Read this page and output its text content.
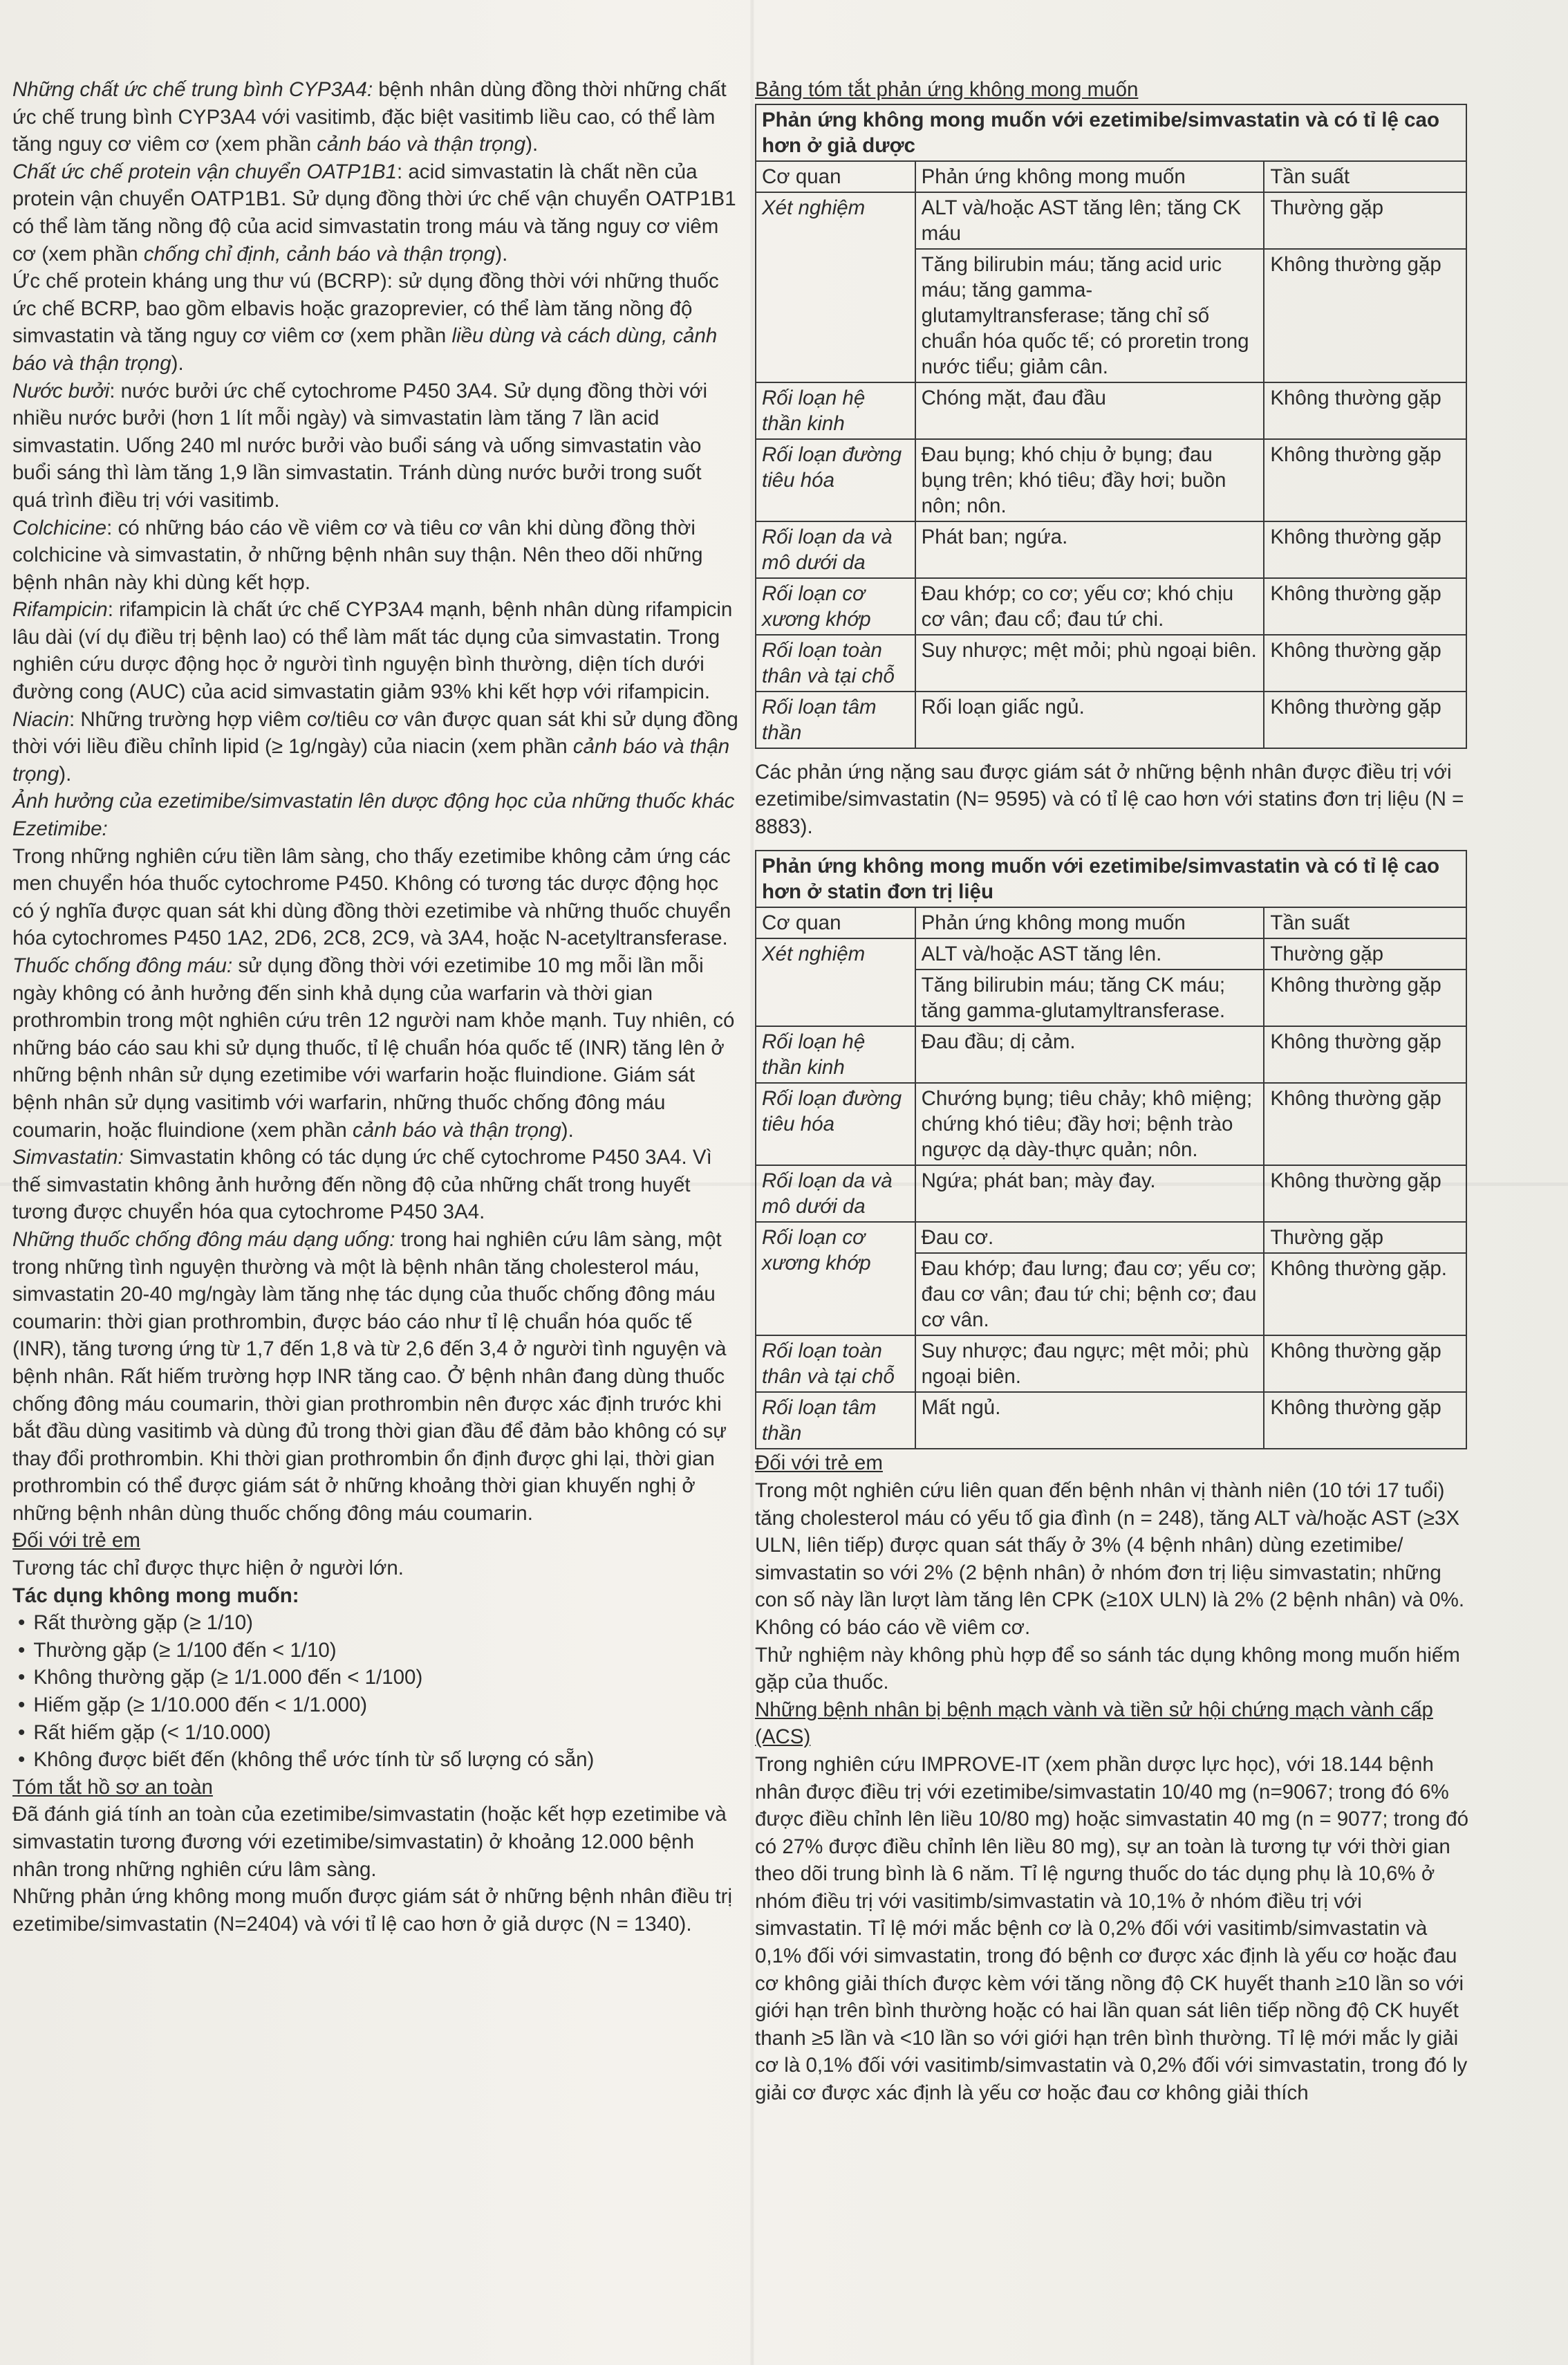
Những chất ức chế trung bình CYP3A4: bệnh nhân dùng đồng thời những chất ức chế trung bình CYP3A4 với vasitimb, đặc biệt vasitimb liều cao, có thể làm tăng nguy cơ viêm cơ (xem phần cảnh báo và thận trọng).

Chất ức chế protein vận chuyển OATP1B1: acid simvastatin là chất nền của protein vận chuyển OATP1B1. Sử dụng đồng thời ức chế vận chuyển OATP1B1 có thể làm tăng nồng độ của acid simvastatin trong máu và tăng nguy cơ viêm cơ (xem phần chống chỉ định, cảnh báo và thận trọng).

Ức chế protein kháng ung thư vú (BCRP): sử dụng đồng thời với những thuốc ức chế BCRP, bao gồm elbavis hoặc grazoprevier, có thể làm tăng nồng độ simvastatin và tăng nguy cơ viêm cơ (xem phần liều dùng và cách dùng, cảnh báo và thận trọng).

Nước bưởi: nước bưởi ức chế cytochrome P450 3A4. Sử dụng đồng thời với nhiều nước bưởi (hơn 1 lít mỗi ngày) và simvastatin làm tăng 7 lần acid simvastatin. Uống 240 ml nước bưởi vào buổi sáng và uống simvastatin vào buổi sáng thì làm tăng 1,9 lần simvastatin. Tránh dùng nước bưởi trong suốt quá trình điều trị với vasitimb.

Colchicine: có những báo cáo về viêm cơ và tiêu cơ vân khi dùng đồng thời colchicine và simvastatin, ở những bệnh nhân suy thận. Nên theo dõi những bệnh nhân này khi dùng kết hợp.

Rifampicin: rifampicin là chất ức chế CYP3A4 mạnh, bệnh nhân dùng rifampicin lâu dài (ví dụ điều trị bệnh lao) có thể làm mất tác dụng của simvastatin. Trong nghiên cứu dược động học ở người tình nguyện bình thường, diện tích dưới đường cong (AUC) của acid simvastatin giảm 93% khi kết hợp với rifampicin.

Niacin: Những trường hợp viêm cơ/tiêu cơ vân được quan sát khi sử dụng đồng thời với liều điều chỉnh lipid (≥ 1g/ngày) của niacin (xem phần cảnh báo và thận trọng).

Ảnh hưởng của ezetimibe/simvastatin lên dược động học của những thuốc khác

Ezetimibe:

Trong những nghiên cứu tiền lâm sàng, cho thấy ezetimibe không cảm ứng các men chuyển hóa thuốc cytochrome P450. Không có tương tác dược động học có ý nghĩa được quan sát khi dùng đồng thời ezetimibe và những thuốc chuyển hóa cytochromes P450 1A2, 2D6, 2C8, 2C9, và 3A4, hoặc N-acetyltransferase.

Thuốc chống đông máu: sử dụng đồng thời với ezetimibe 10 mg mỗi lần mỗi ngày không có ảnh hưởng đến sinh khả dụng của warfarin và thời gian prothrombin trong một nghiên cứu trên 12 người nam khỏe mạnh. Tuy nhiên, có những báo cáo sau khi sử dụng thuốc, tỉ lệ chuẩn hóa quốc tế (INR) tăng lên ở những bệnh nhân sử dụng ezetimibe với warfarin hoặc fluindione. Giám sát bệnh nhân sử dụng vasitimb với warfarin, những thuốc chống đông máu coumarin, hoặc fluindione (xem phần cảnh báo và thận trọng).

Simvastatin: Simvastatin không có tác dụng ức chế cytochrome P450 3A4. Vì thế simvastatin không ảnh hưởng đến nồng độ của những chất trong huyết tương được chuyển hóa qua cytochrome P450 3A4.

Những thuốc chống đông máu dạng uống: trong hai nghiên cứu lâm sàng, một trong những tình nguyện thường và một là bệnh nhân tăng cholesterol máu, simvastatin 20-40 mg/ngày làm tăng nhẹ tác dụng của thuốc chống đông máu coumarin: thời gian prothrombin, được báo cáo như tỉ lệ chuẩn hóa quốc tế (INR), tăng tương ứng từ 1,7 đến 1,8 và từ 2,6 đến 3,4 ở người tình nguyện và bệnh nhân. Rất hiếm trường hợp INR tăng cao. Ở bệnh nhân đang dùng thuốc chống đông máu coumarin, thời gian prothrombin nên được xác định trước khi bắt đầu dùng vasitimb và dùng đủ trong thời gian đầu để đảm bảo không có sự thay đổi prothrombin. Khi thời gian prothrombin ổn định được ghi lại, thời gian prothrombin có thể được giám sát ở những khoảng thời gian khuyến nghị ở những bệnh nhân dùng thuốc chống đông máu coumarin.

Đối với trẻ em

Tương tác chỉ được thực hiện ở người lớn.

Tác dụng không mong muốn:

• Rất thường gặp (≥ 1/10)
• Thường gặp (≥ 1/100 đến < 1/10)
• Không thường gặp (≥ 1/1.000 đến < 1/100)
• Hiếm gặp (≥ 1/10.000 đến < 1/1.000)
• Rất hiếm gặp (< 1/10.000)
• Không được biết đến (không thể ước tính từ số lượng có sẵn)

Tóm tắt hồ sơ an toàn

Đã đánh giá tính an toàn của ezetimibe/simvastatin (hoặc kết hợp ezetimibe và simvastatin tương đương với ezetimibe/simvastatin) ở khoảng 12.000 bệnh nhân trong những nghiên cứu lâm sàng.

Những phản ứng không mong muốn được giám sát ở những bệnh nhân điều trị ezetimibe/simvastatin (N=2404) và với tỉ lệ cao hơn ở giả dược (N = 1340).

Bảng tóm tắt phản ứng không mong muốn

Phản ứng không mong muốn với ezetimibe/simvastatin và có tỉ lệ cao hơn ở giả dược		
Cơ quan	Phản ứng không mong muốn	Tần suất
Xét nghiệm	ALT và/hoặc AST tăng lên; tăng CK máu	Thường gặp
	Tăng bilirubin máu; tăng acid uric máu; tăng gamma-glutamyltransferase; tăng chỉ số chuẩn hóa quốc tế; có proretin trong nước tiểu; giảm cân.	Không thường gặp
Rối loạn hệ thần kinh	Chóng mặt, đau đầu	Không thường gặp
Rối loạn đường tiêu hóa	Đau bụng; khó chịu ở bụng; đau bụng trên; khó tiêu; đầy hơi; buồn nôn; nôn.	Không thường gặp
Rối loạn da và mô dưới da	Phát ban; ngứa.	Không thường gặp
Rối loạn cơ xương khớp	Đau khớp; co cơ; yếu cơ; khó chịu cơ vân; đau cổ; đau tứ chi.	Không thường gặp
Rối loạn toàn thân và tại chỗ	Suy nhược; mệt mỏi; phù ngoại biên.	Không thường gặp
Rối loạn tâm thần	Rối loạn giấc ngủ.	Không thường gặp

Các phản ứng nặng sau được giám sát ở những bệnh nhân được điều trị với ezetimibe/simvastatin (N= 9595) và có tỉ lệ cao hơn với statins đơn trị liệu (N = 8883).

Phản ứng không mong muốn với ezetimibe/simvastatin và có tỉ lệ cao hơn ở statin đơn trị liệu		
Cơ quan	Phản ứng không mong muốn	Tần suất
Xét nghiệm	ALT và/hoặc AST tăng lên.	Thường gặp
	Tăng bilirubin máu; tăng CK máu; tăng gamma-glutamyltransferase.	Không thường gặp
Rối loạn hệ thần kinh	Đau đầu; dị cảm.	Không thường gặp
Rối loạn đường tiêu hóa	Chướng bụng; tiêu chảy; khô miệng; chứng khó tiêu; đầy hơi; bệnh trào ngược dạ dày-thực quản; nôn.	Không thường gặp
Rối loạn da và mô dưới da	Ngứa; phát ban; mày đay.	Không thường gặp
Rối loạn cơ xương khớp	Đau cơ.	Thường gặp
	Đau khớp; đau lưng; đau cơ; yếu cơ; đau cơ vân; đau tứ chi; bệnh cơ; đau cơ vân.	Không thường gặp.
Rối loạn toàn thân và tại chỗ	Suy nhược; đau ngực; mệt mỏi; phù ngoại biên.	Không thường gặp
Rối loạn tâm thần	Mất ngủ.	Không thường gặp

Đối với trẻ em

Trong một nghiên cứu liên quan đến bệnh nhân vị thành niên (10 tới 17 tuổi) tăng cholesterol máu có yếu tố gia đình (n = 248), tăng ALT và/hoặc AST (≥3X ULN, liên tiếp) được quan sát thấy ở 3% (4 bệnh nhân) dùng ezetimibe/ simvastatin so với 2% (2 bệnh nhân) ở nhóm đơn trị liệu simvastatin; những con số này lần lượt làm tăng lên CPK (≥10X ULN) là 2% (2 bệnh nhân) và 0%. Không có báo cáo về viêm cơ.

Thử nghiệm này không phù hợp để so sánh tác dụng không mong muốn hiếm gặp của thuốc.

Những bệnh nhân bị bệnh mạch vành và tiền sử hội chứng mạch vành cấp (ACS)

Trong nghiên cứu IMPROVE-IT (xem phần dược lực học), với 18.144 bệnh nhân được điều trị với ezetimibe/simvastatin 10/40 mg (n=9067; trong đó 6% được điều chỉnh lên liều 10/80 mg) hoặc simvastatin 40 mg (n = 9077; trong đó có 27% được điều chỉnh lên liều 80 mg), sự an toàn là tương tự với thời gian theo dõi trung bình là 6 năm. Tỉ lệ ngưng thuốc do tác dụng phụ là 10,6% ở nhóm điều trị với vasitimb/simvastatin và 10,1% ở nhóm điều trị với simvastatin. Tỉ lệ mới mắc bệnh cơ là 0,2% đối với vasitimb/simvastatin và 0,1% đối với simvastatin, trong đó bệnh cơ được xác định là yếu cơ hoặc đau cơ không giải thích được kèm với tăng nồng độ CK huyết thanh ≥10 lần so với giới hạn trên bình thường hoặc có hai lần quan sát liên tiếp nồng độ CK huyết thanh ≥5 lần và <10 lần so với giới hạn trên bình thường. Tỉ lệ mới mắc ly giải cơ là 0,1% đối với vasitimb/simvastatin và 0,2% đối với simvastatin, trong đó ly giải cơ được xác định là yếu cơ hoặc đau cơ không giải thích
